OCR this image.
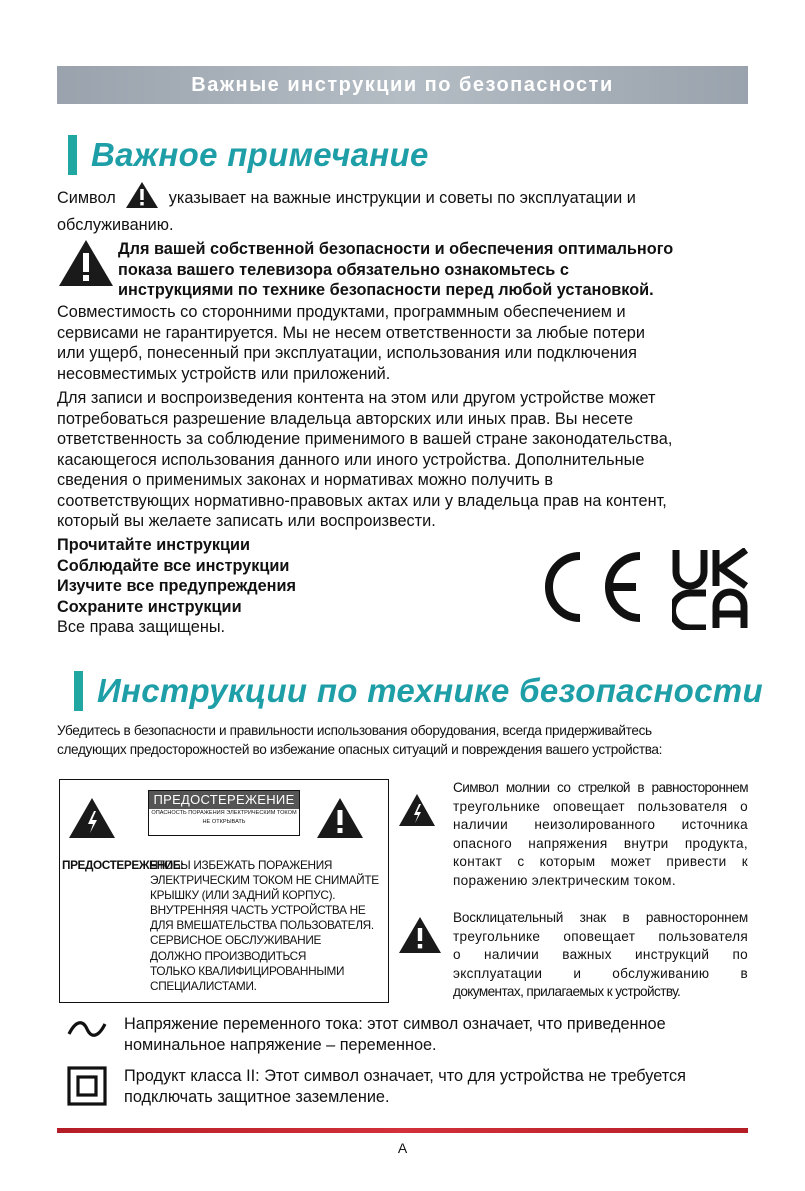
Важные инструкции по безопасности
Важное примечание
Символ	указывает на важные инструкции и советы по эксплуатации и
обслуживанию.
Для вашей собственной безопасности и обеспечения оптимального
показа вашего телевизора обязательно ознакомьтесь с
инструкциями по технике безопасности перед любой установкой.
Совместимость со сторонними продуктами, программным обеспечением и
сервисами не гарантируется. Мы не несем ответственности за любые потери
или ущерб, понесенный при эксплуатации, использования или подключения
несовместимых устройств или приложений.
Для записи и воспроизведения контента на этом или другом устройстве может
потребоваться разрешение владельца авторских или иных прав. Вы несете
ответственность за соблюдение применимого в вашей стране законодательства,
касающегося использования данного или иного устройства. Дополнительные
сведения о применимых законах и нормативах можно получить в
соответствующих нормативно-правовых актах или у владельца прав на контент,
который вы желаете записать или воспроизвести.
Прочитайте инструкции
Соблюдайте все инструкции
Изучите все предупреждения
Сохраните инструкции
Все права защищены.
Инструкции по технике безопасности
Убедитесь в безопасности и правильности использования оборудования, всегда придерживайтесь
следующих предосторожностей во избежание опасных ситуаций и повреждения вашего устройства:
ПРЕДОСТЕРЕЖЕНИЕ
ОПАСНОСТЬ ПОРАЖЕНИЯ ЭЛЕКТРИЧЕСКИМ ТОКОМ
НЕ ОТКРЫВАТЬ
ПРЕДОСТЕРЕЖЕНИЕ:
ЧТОБЫ ИЗБЕЖАТЬ ПОРАЖЕНИЯ
ЭЛЕКТРИЧЕСКИМ ТОКОМ НЕ СНИМАЙТЕ
КРЫШКУ (ИЛИ ЗАДНИЙ КОРПУС).
ВНУТРЕННЯЯ ЧАСТЬ УСТРОЙСТВА НЕ
ДЛЯ ВМЕШАТЕЛЬСТВА ПОЛЬЗОВАТЕЛЯ.
СЕРВИСНОЕ ОБСЛУЖИВАНИЕ
ДОЛЖНО ПРОИЗВОДИТЬСЯ
ТОЛЬКО КВАЛИФИЦИРОВАННЫМИ
СПЕЦИАЛИСТАМИ.
Символ молнии со стрелкой в равностороннем
треугольнике оповещает пользователя о
наличии неизолированного источника
опасного напряжения внутри продукта,
контакт с которым может привести к
поражению электрическим током.
Восклицательный знак в равностороннем
треугольнике оповещает пользователя
о наличии важных инструкций по
эксплуатации и обслуживанию в
документах, прилагаемых к устройству.
Напряжение переменного тока: этот символ означает, что приведенное
номинальное напряжение – переменное.
Продукт класса II: Этот символ означает, что для устройства не требуется
подключать защитное заземление.
A
